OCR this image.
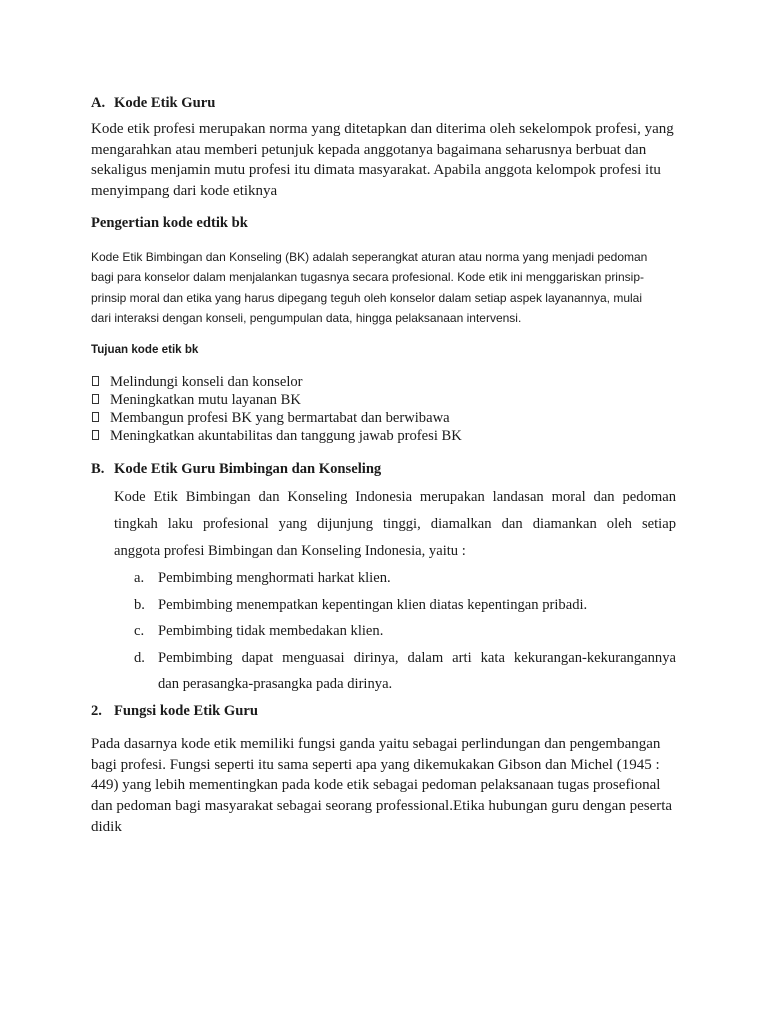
A. Kode Etik Guru
Kode etik profesi merupakan norma yang ditetapkan dan diterima oleh sekelompok profesi, yang
mengarahkan atau memberi petunjuk kepada anggotanya bagaimana seharusnya berbuat dan
sekaligus menjamin mutu profesi itu dimata masyarakat. Apabila anggota kelompok profesi itu
menyimpang dari kode etiknya
Pengertian kode edtik bk
Kode Etik Bimbingan dan Konseling (BK) adalah seperangkat aturan atau norma yang menjadi pedoman
bagi para konselor dalam menjalankan tugasnya secara profesional. Kode etik ini menggariskan prinsip-
prinsip moral dan etika yang harus dipegang teguh oleh konselor dalam setiap aspek layanannya, mulai
dari interaksi dengan konseli, pengumpulan data, hingga pelaksanaan intervensi.
Tujuan kode etik bk
Melindungi konseli dan konselor
Meningkatkan mutu layanan BK
Membangun profesi BK yang bermartabat dan berwibawa
Meningkatkan akuntabilitas dan tanggung jawab profesi BK
B. Kode Etik Guru Bimbingan dan Konseling
Kode Etik Bimbingan dan Konseling Indonesia merupakan landasan moral dan pedoman
tingkah laku profesional yang dijunjung tinggi, diamalkan dan diamankan oleh setiap
anggota profesi Bimbingan dan Konseling Indonesia, yaitu :
a. Pembimbing menghormati harkat klien.
b. Pembimbing menempatkan kepentingan klien diatas kepentingan pribadi.
c. Pembimbing tidak membedakan klien.
d. Pembimbing dapat menguasai dirinya, dalam arti kata kekurangan-kekurangannya
dan perasangka-prasangka pada dirinya.
2. Fungsi kode Etik Guru
Pada dasarnya kode etik memiliki fungsi ganda yaitu sebagai perlindungan dan pengembangan
bagi profesi. Fungsi seperti itu sama seperti apa yang dikemukakan Gibson dan Michel (1945 :
449) yang lebih mementingkan pada kode etik sebagai pedoman pelaksanaan tugas prosefional
dan pedoman bagi masyarakat sebagai seorang professional.Etika hubungan guru dengan peserta
didik
